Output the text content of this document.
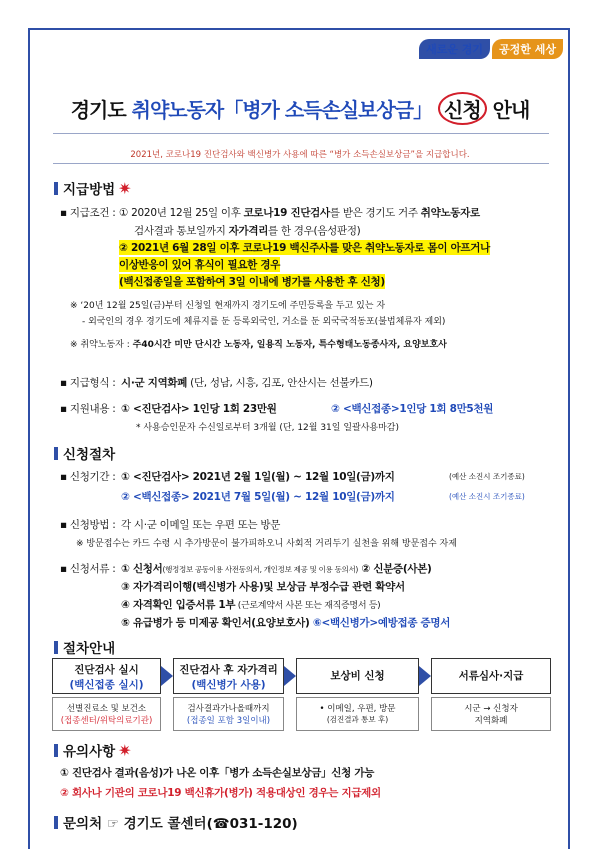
새로운 경기	공정한 세상
경기도 취약노동자「병가 소득손실보상금」 신청 안내
2021년, 코로나19 진단검사와 백신병가 사용에 따른 “병가 소득손실보상금”을 지급합니다.
지급방법 ✷
▪ 지급조건 : ① 2020년 12월 25일 이후 코로나19 진단검사를 받은 경기도 거주 취약노동자로
검사결과 통보일까지 자가격리를 한 경우(음성판정)
② 2021년 6월 28일 이후 코로나19 백신주사를 맞은 취약노동자로 몸이 아프거나
이상반응이 있어 휴식이 필요한 경우
(백신접종일을 포함하여 3일 이내에 병가를 사용한 후 신청)
※ ‘20년 12월 25일(금)부터 신청일 현재까지 경기도에 주민등록을 두고 있는 자
- 외국인의 경우 경기도에 체류지를 둔 등록외국인, 거소를 둔 외국국적동포(불법체류자 제외)
※ 취약노동자 : 주40시간 미만 단시간 노동자, 일용직 노동자, 특수형태노동종사자, 요양보호사
▪ 지급형식 : 시·군 지역화폐 (단, 성남, 시흥, 김포, 안산시는 선불카드)
▪ 지원내용 : ① <진단검사> 1인당 1회 23만원	② <백신접종>1인당 1회 8만5천원
* 사용승인문자 수신일로부터 3개월 (단, 12월 31일 일괄사용마감)
신청절차
▪ 신청기간 : ① <진단검사> 2021년 2월 1일(월) ~ 12월 10일(금)까지	(예산 소진시 조기종료)
② <백신접종> 2021년 7월 5일(월) ~ 12월 10일(금)까지	(예산 소진시 조기종료)
▪ 신청방법 : 각 시·군 이메일 또는 우편 또는 방문
※ 방문접수는 카드 수령 시 추가방문이 불가피하오니 사회적 거리두기 실천을 위해 방문접수 자제
▪ 신청서류 : ① 신청서(행정정보 공동이용 사전동의서, 개인정보 제공 및 이용 동의서) ② 신분증(사본)
③ 자가격리이행(백신병가 사용)및 보상금 부정수급 관련 확약서
④ 자격확인 입증서류 1부 (근로계약서 사본 또는 재직증명서 등)
⑤ 유급병가 등 미제공 확인서(요양보호사) ⑥<백신병가>예방접종 증명서
절차안내
진단검사 실시
(백신접종 실시)
진단검사 후 자가격리
(백신병가 사용)
보상비 신청	서류심사·지급
선별진료소 및 보건소
(접종센터/위탁의료기관)
검사결과가나올때까지
(접종일 포함 3일이내)
• 이메일, 우편, 방문
(검진결과 통보 후)
시군 → 신청자
지역화폐
유의사항 ✷
① 진단검사 결과(음성)가 나온 이후「병가 소득손실보상금」신청 가능
② 회사나 기관의 코로나19 백신휴가(병가) 적용대상인 경우는 지급제외
문의처 ☞ 경기도 콜센터(☎031-120)
